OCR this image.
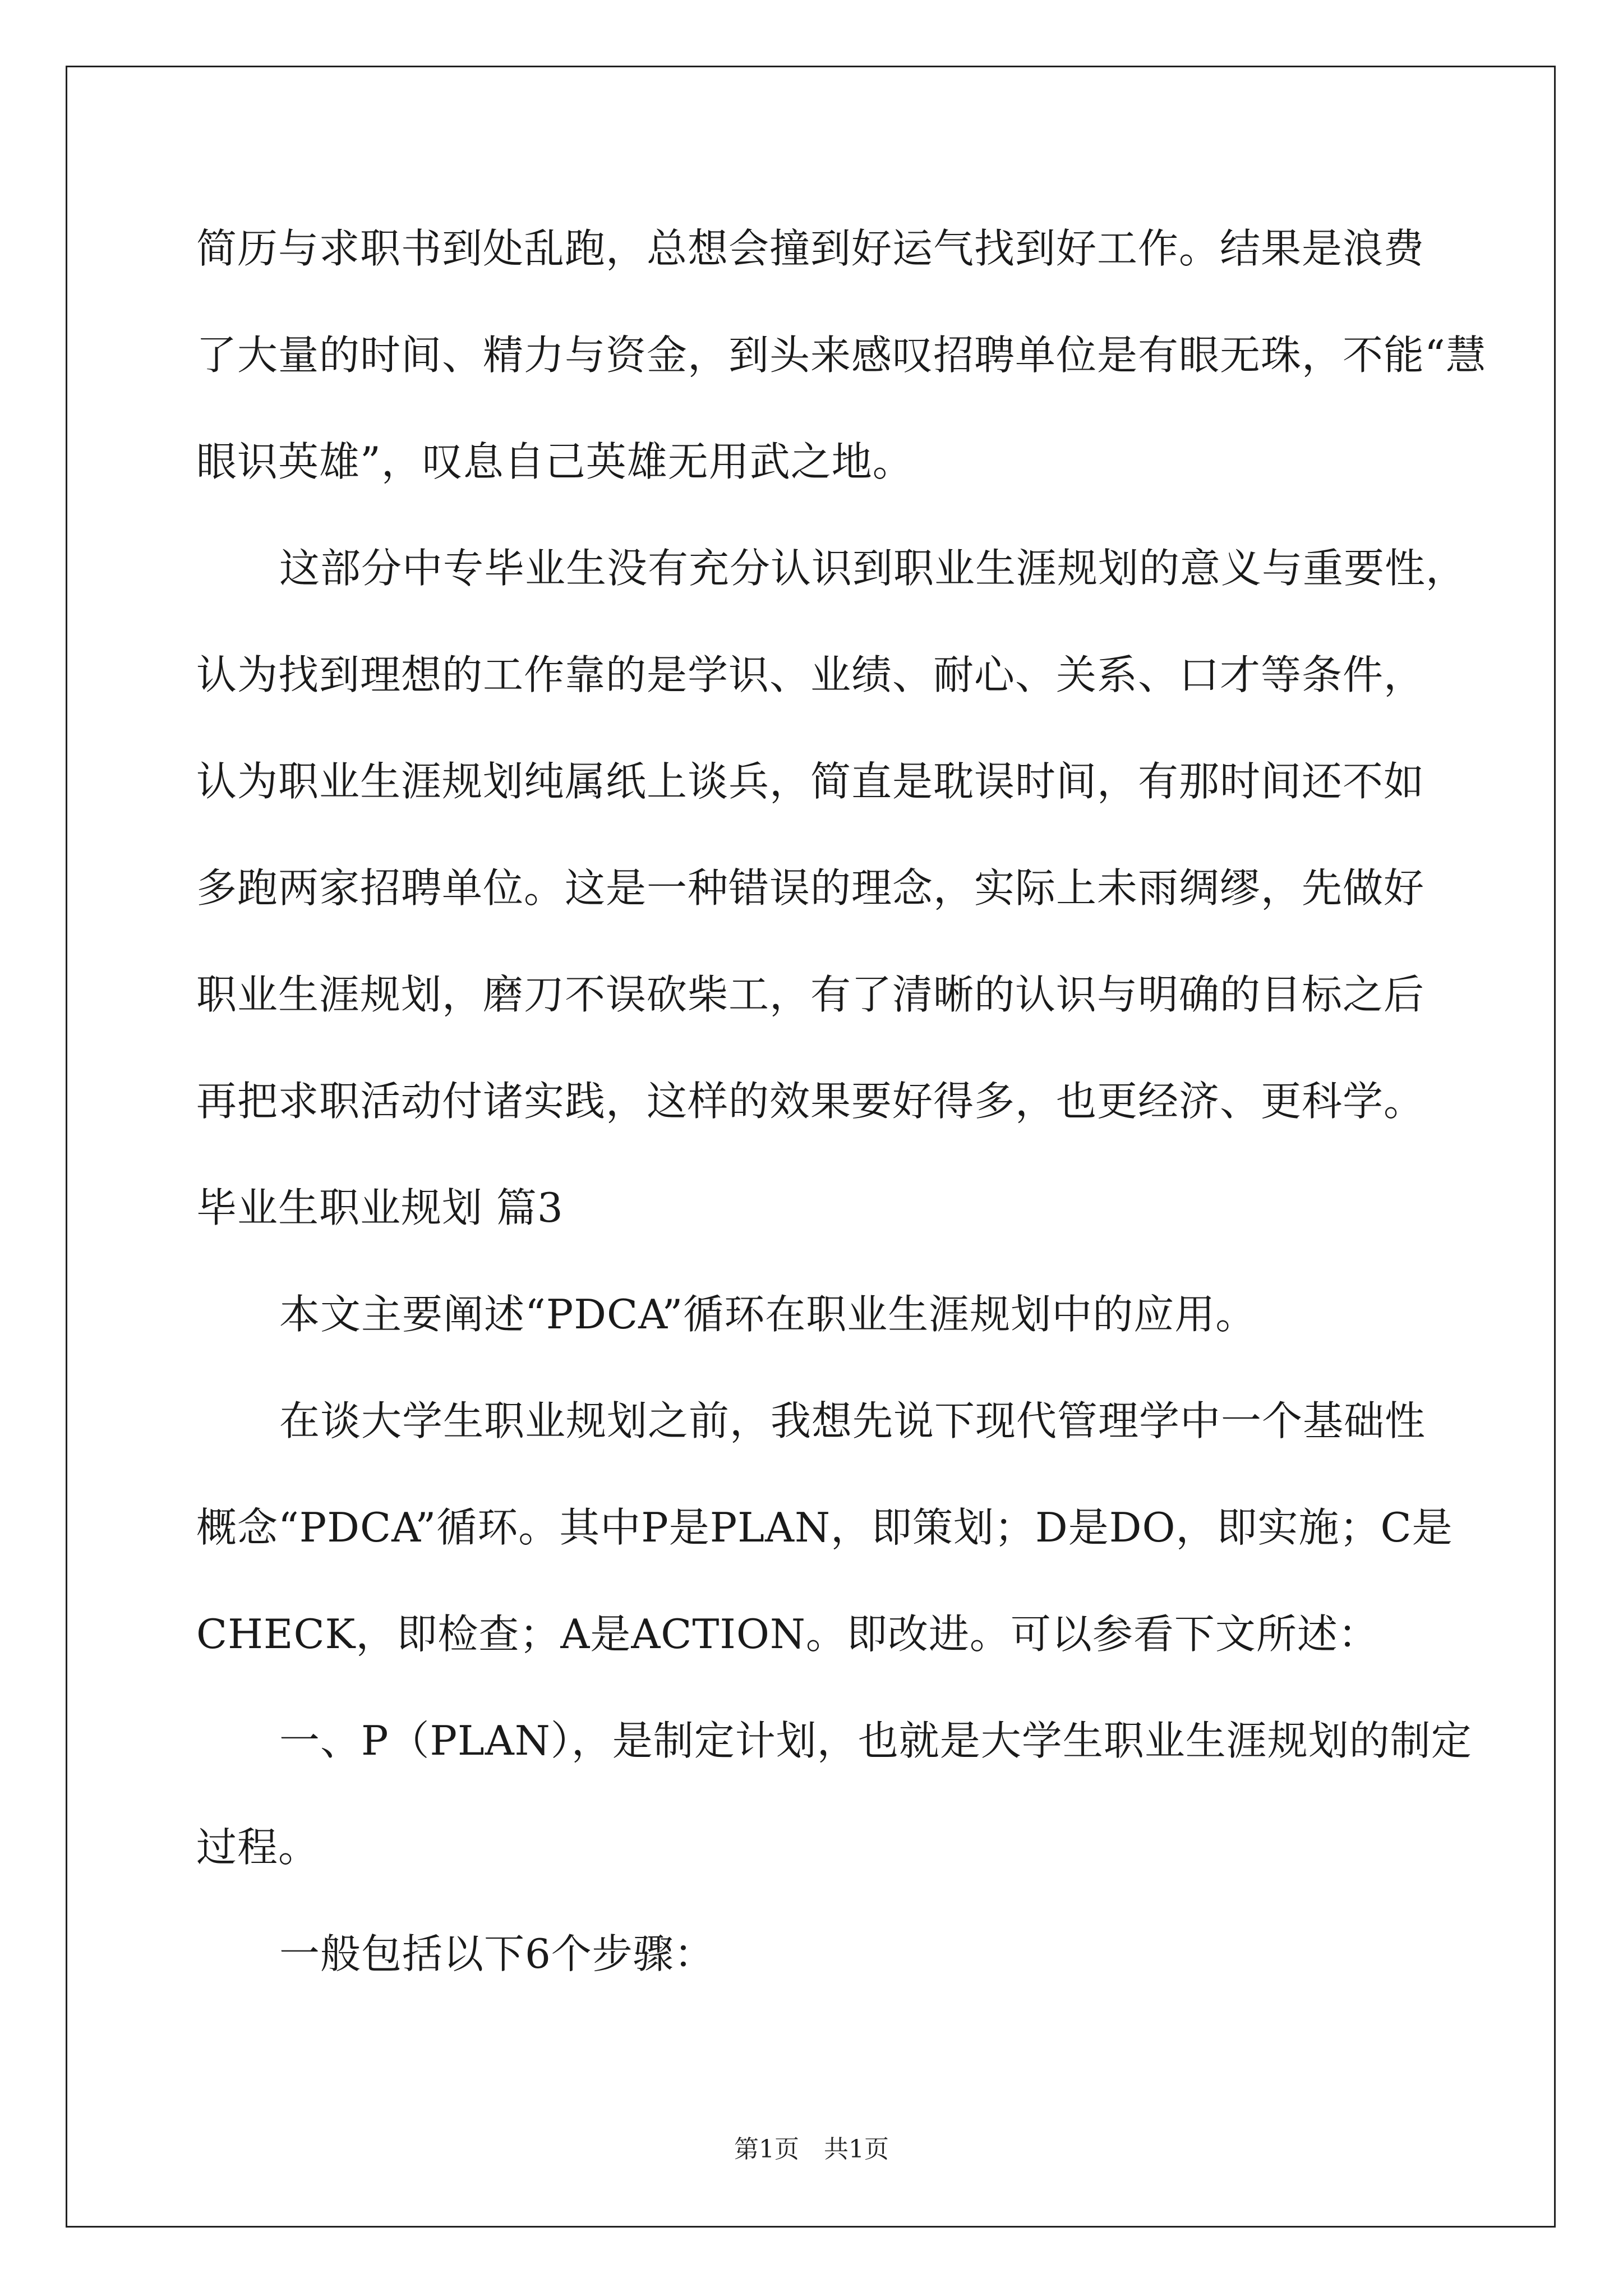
简历与求职书到处乱跑，总想会撞到好运气找到好工作。结果是浪费
了大量的时间、精力与资金，到头来感叹招聘单位是有眼无珠，不能“慧
眼识英雄”，叹息自己英雄无用武之地。
这部分中专毕业生没有充分认识到职业生涯规划的意义与重要性，
认为找到理想的工作靠的是学识、业绩、耐心、关系、口才等条件，
认为职业生涯规划纯属纸上谈兵，简直是耽误时间，有那时间还不如
多跑两家招聘单位。这是一种错误的理念，实际上未雨绸缪，先做好
职业生涯规划，磨刀不误砍柴工，有了清晰的认识与明确的目标之后
再把求职活动付诸实践，这样的效果要好得多，也更经济、更科学。
毕业生职业规划 篇3
本文主要阐述“PDCA”循环在职业生涯规划中的应用。
在谈大学生职业规划之前，我想先说下现代管理学中一个基础性
概念“PDCA”循环。其中P是PLAN，即策划；D是DO，即实施；C是
CHECK，即检查；A是ACTION。即改进。可以参看下文所述：
一、P（PLAN），是制定计划，也就是大学生职业生涯规划的制定
过程。
一般包括以下6个步骤：
第1页　共1页
